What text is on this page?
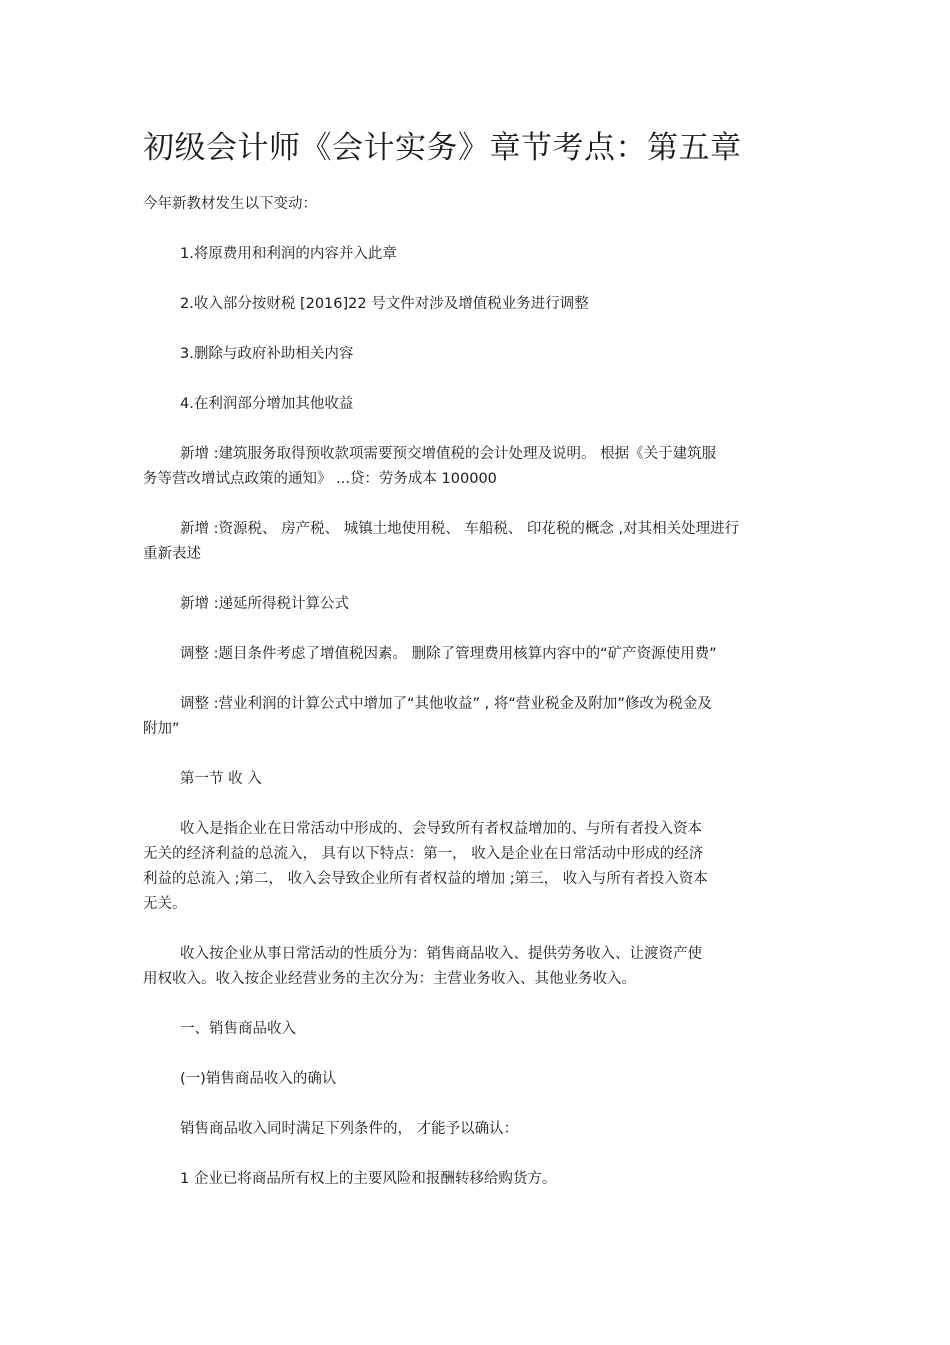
初级会计师《会计实务》章节考点：第五章
今年新教材发生以下变动：
1.将原费用和利润的内容并入此章
2.收入部分按财税 [2016]22 号文件对涉及增值税业务进行调整
3.删除与政府补助相关内容
4.在利润部分增加其他收益
新增 :建筑服务取得预收款项需要预交增值税的会计处理及说明。 根据《关于建筑服
务等营改增试点政策的通知》 ...贷：劳务成本 100000
新增 :资源税、 房产税、 城镇土地使用税、 车船税、 印花税的概念 ,对其相关处理进行
重新表述
新增 :递延所得税计算公式
调整 :题目条件考虑了增值税因素。 删除了管理费用核算内容中的“矿产资源使用费”
调整 :营业利润的计算公式中增加了“其他收益” , 将“营业税金及附加”修改为税金及
附加”
第一节 收 入
收入是指企业在日常活动中形成的、会导致所有者权益增加的、与所有者投入资本
无关的经济利益的总流入， 具有以下特点：第一， 收入是企业在日常活动中形成的经济
利益的总流入 ;第二， 收入会导致企业所有者权益的增加 ;第三， 收入与所有者投入资本
无关。
收入按企业从事日常活动的性质分为：销售商品收入、提供劳务收入、让渡资产使
用权收入。收入按企业经营业务的主次分为：主营业务收入、其他业务收入。
一、销售商品收入
(一)销售商品收入的确认
销售商品收入同时满足下列条件的， 才能予以确认：
1 企业已将商品所有权上的主要风险和报酬转移给购货方。
